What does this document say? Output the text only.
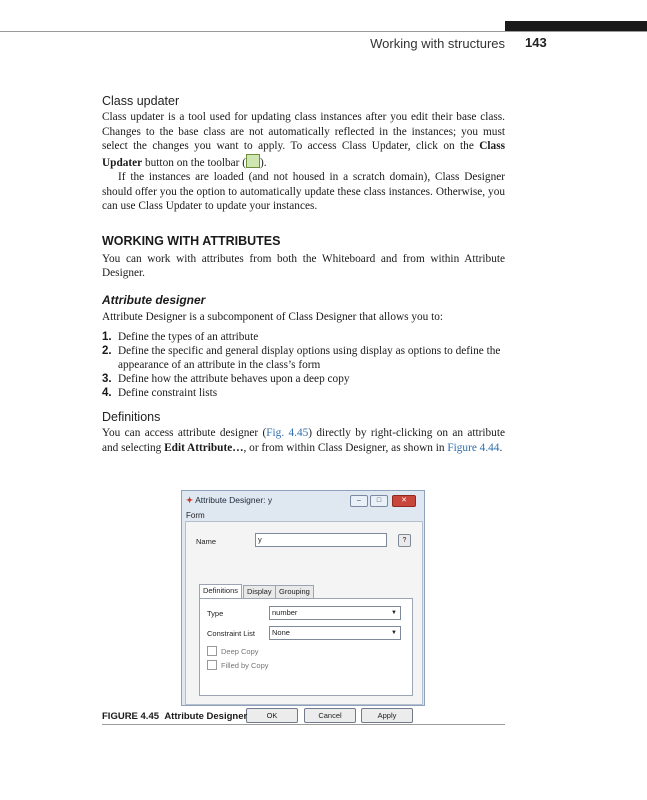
Working with structures 143
Class updater

Class updater is a tool used for updating class instances after you edit their base class. Changes to the base class are not automatically reflected in the instances; you must select the changes you want to apply. To access Class Updater, click on the Class Updater button on the toolbar ( ).

If the instances are loaded (and not housed in a scratch domain), Class Designer should offer you the option to automatically update these class instances. Otherwise, you can use Class Updater to update your instances.

WORKING WITH ATTRIBUTES

You can work with attributes from both the Whiteboard and from within Attribute Designer.

Attribute designer

Attribute Designer is a subcomponent of Class Designer that allows you to:

1. Define the types of an attribute
2. Define the specific and general display options using display as options to define the appearance of an attribute in the class’s form
3. Define how the attribute behaves upon a deep copy
4. Define constraint lists
Definitions

You can access attribute designer (Fig. 4.45) directly by right-clicking on an attribute and selecting Edit Attribute…, or from within Class Designer, as shown in Figure 4.44.

✦ Attribute Designer: y	–	□	✕
Form
Name	y	?
Definitions	Display Grouping
Type	number	▼
Constraint List	None	▼
Deep Copy
Filled by Copy
OK	Cancel	Apply
FIGURE 4.45 Attribute Designer
